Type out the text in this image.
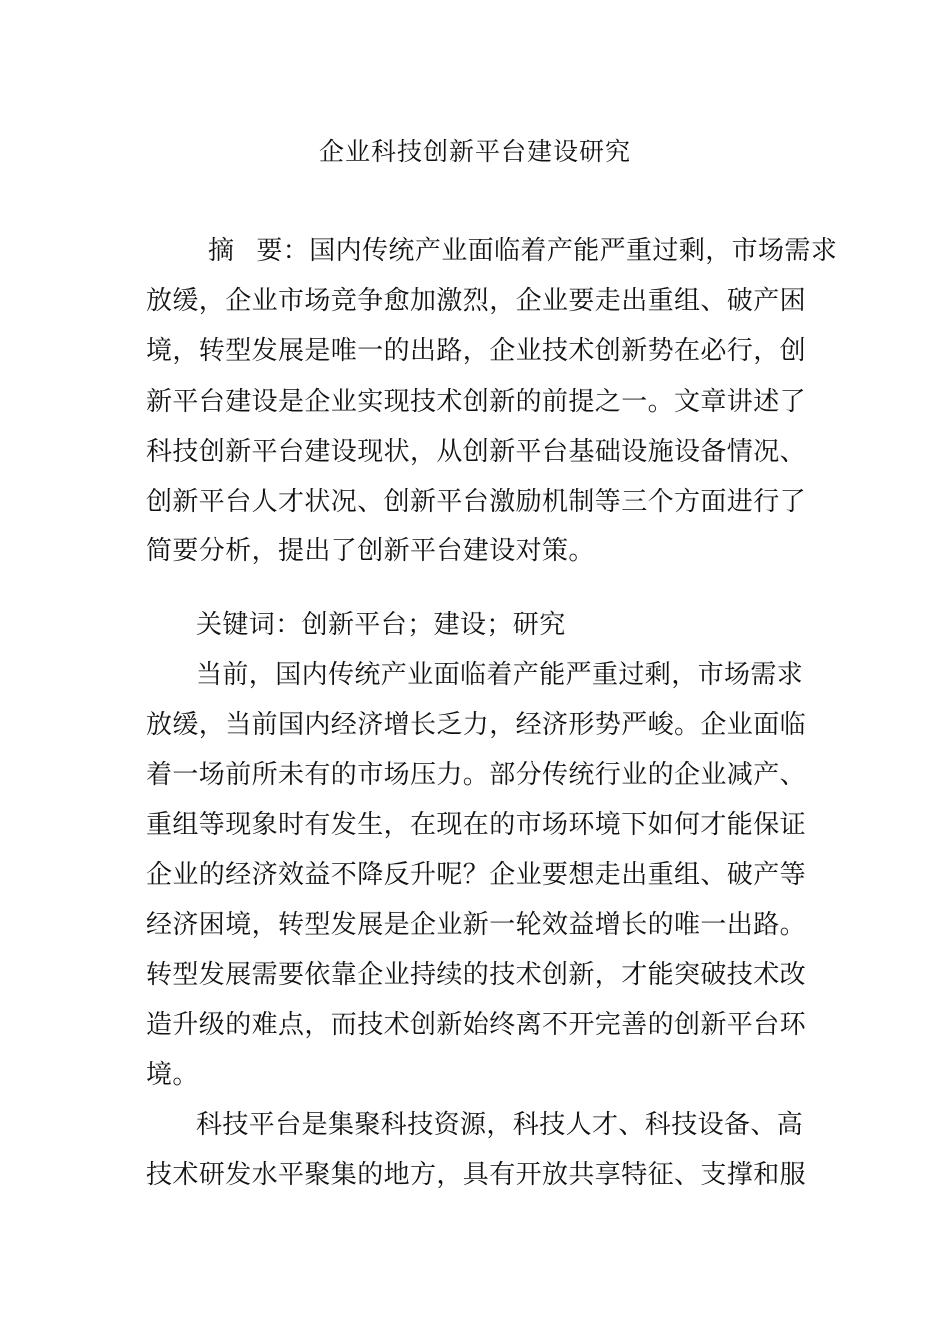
企业科技创新平台建设研究
摘 要：国内传统产业面临着产能严重过剩，市场需求
放缓，企业市场竞争愈加激烈，企业要走出重组、破产困
境，转型发展是唯一的出路，企业技术创新势在必行，创
新平台建设是企业实现技术创新的前提之一。文章讲述了
科技创新平台建设现状，从创新平台基础设施设备情况、
创新平台人才状况、创新平台激励机制等三个方面进行了
简要分析，提出了创新平台建设对策。
关键词：创新平台；建设；研究
当前，国内传统产业面临着产能严重过剩，市场需求
放缓，当前国内经济增长乏力，经济形势严峻。企业面临
着一场前所未有的市场压力。部分传统行业的企业减产、
重组等现象时有发生，在现在的市场环境下如何才能保证
企业的经济效益不降反升呢？企业要想走出重组、破产等
经济困境，转型发展是企业新一轮效益增长的唯一出路。
转型发展需要依靠企业持续的技术创新，才能突破技术改
造升级的难点，而技术创新始终离不开完善的创新平台环
境。
科技平台是集聚科技资源，科技人才、科技设备、高
技术研发水平聚集的地方，具有开放共享特征、支撑和服
